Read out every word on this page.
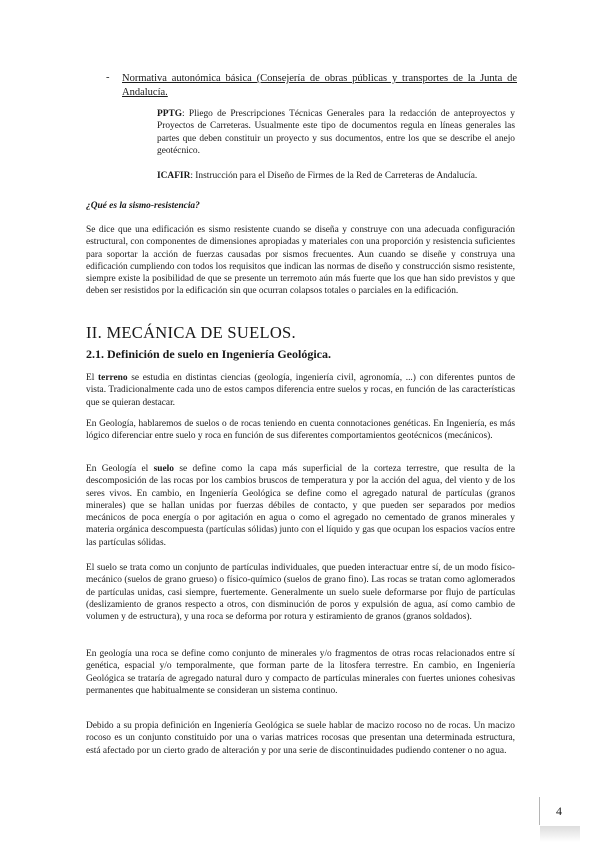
- Normativa autonómica básica (Consejería de obras públicas y transportes de la Junta de Andalucía.

PPTG: Pliego de Prescripciones Técnicas Generales para la redacción de anteproyectos y Proyectos de Carreteras. Usualmente este tipo de documentos regula en líneas generales las partes que deben constituir un proyecto y sus documentos, entre los que se describe el anejo geotécnico.

ICAFIR: Instrucción para el Diseño de Firmes de la Red de Carreteras de Andalucía.

¿Qué es la sismo-resistencia?

Se dice que una edificación es sismo resistente cuando se diseña y construye con una adecuada configuración estructural, con componentes de dimensiones apropiadas y materiales con una proporción y resistencia suficientes para soportar la acción de fuerzas causadas por sismos frecuentes. Aun cuando se diseñe y construya una edificación cumpliendo con todos los requisitos que indican las normas de diseño y construcción sismo resistente, siempre existe la posibilidad de que se presente un terremoto aún más fuerte que los que han sido previstos y que deben ser resistidos por la edificación sin que ocurran colapsos totales o parciales en la edificación.

II. MECÁNICA DE SUELOS.
2.1. Definición de suelo en Ingeniería Geológica.

El terreno se estudia en distintas ciencias (geología, ingeniería civil, agronomía, ...) con diferentes puntos de vista. Tradicionalmente cada uno de estos campos diferencia entre suelos y rocas, en función de las características que se quieran destacar.

En Geología, hablaremos de suelos o de rocas teniendo en cuenta connotaciones genéticas. En Ingeniería, es más lógico diferenciar entre suelo y roca en función de sus diferentes comportamientos geotécnicos (mecánicos).

En Geología el suelo se define como la capa más superficial de la corteza terrestre, que resulta de la descomposición de las rocas por los cambios bruscos de temperatura y por la acción del agua, del viento y de los seres vivos. En cambio, en Ingeniería Geológica se define como el agregado natural de partículas (granos minerales) que se hallan unidas por fuerzas débiles de contacto, y que pueden ser separados por medios mecánicos de poca energía o por agitación en agua o como el agregado no cementado de granos minerales y materia orgánica descompuesta (partículas sólidas) junto con el líquido y gas que ocupan los espacios vacíos entre las partículas sólidas.

El suelo se trata como un conjunto de partículas individuales, que pueden interactuar entre sí, de un modo físico-mecánico (suelos de grano grueso) o físico-químico (suelos de grano fino). Las rocas se tratan como aglomerados de partículas unidas, casi siempre, fuertemente. Generalmente un suelo suele deformarse por flujo de partículas (deslizamiento de granos respecto a otros, con disminución de poros y expulsión de agua, así como cambio de volumen y de estructura), y una roca se deforma por rotura y estiramiento de granos (granos soldados).

En geología una roca se define como conjunto de minerales y/o fragmentos de otras rocas relacionados entre sí genética, espacial y/o temporalmente, que forman parte de la litosfera terrestre. En cambio, en Ingeniería Geológica se trataría de agregado natural duro y compacto de partículas minerales con fuertes uniones cohesivas permanentes que habitualmente se consideran un sistema continuo.

Debido a su propia definición en Ingeniería Geológica se suele hablar de macizo rocoso no de rocas. Un macizo rocoso es un conjunto constituido por una o varias matrices rocosas que presentan una determinada estructura, está afectado por un cierto grado de alteración y por una serie de discontinuidades pudiendo contener o no agua.

4
